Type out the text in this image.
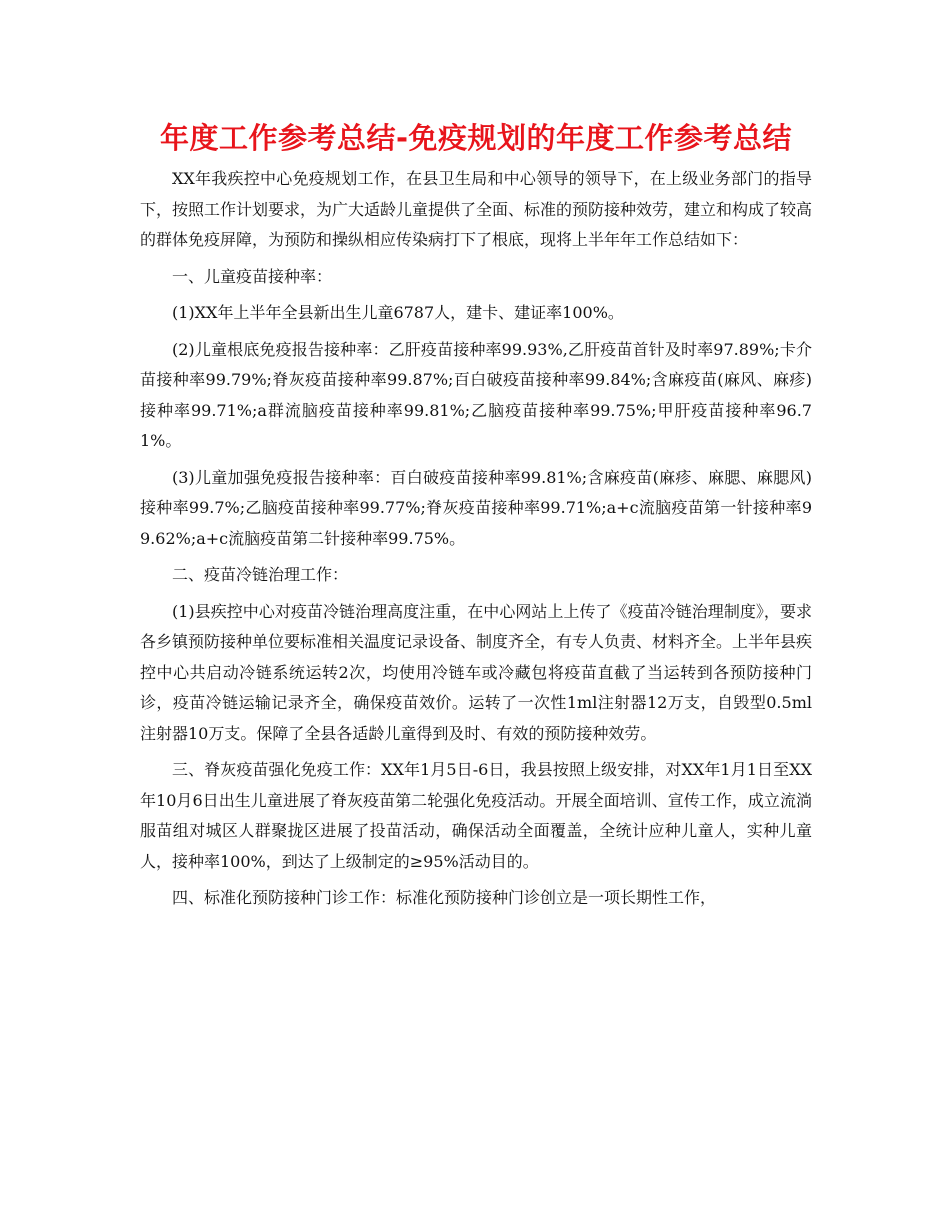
年度工作参考总结-免疫规划的年度工作参考总结

XX年我疾控中心免疫规划工作，在县卫生局和中心领导的领导下，在上级业务部门的指导下，按照工作计划要求，为广大适龄儿童提供了全面、标准的预防接种效劳，建立和构成了较高的群体免疫屏障，为预防和操纵相应传染病打下了根底，现将上半年年工作总结如下：

一、儿童疫苗接种率：

(1)XX年上半年全县新出生儿童6787人，建卡、建证率100%。

(2)儿童根底免疫报告接种率：乙肝疫苗接种率99.93%,乙肝疫苗首针及时率97.89%;卡介苗接种率99.79%;脊灰疫苗接种率99.87%;百白破疫苗接种率99.84%;含麻疫苗(麻风、麻疹)接种率99.71%;a群流脑疫苗接种率99.81%;乙脑疫苗接种率99.75%;甲肝疫苗接种率96.71%。

(3)儿童加强免疫报告接种率：百白破疫苗接种率99.81%;含麻疫苗(麻疹、麻腮、麻腮风)接种率99.7%;乙脑疫苗接种率99.77%;脊灰疫苗接种率99.71%;a+c流脑疫苗第一针接种率99.62%;a+c流脑疫苗第二针接种率99.75%。

二、疫苗冷链治理工作：

(1)县疾控中心对疫苗冷链治理高度注重，在中心网站上上传了《疫苗冷链治理制度》，要求各乡镇预防接种单位要标准相关温度记录设备、制度齐全，有专人负责、材料齐全。上半年县疾控中心共启动冷链系统运转2次，均使用冷链车或冷藏包将疫苗直截了当运转到各预防接种门诊，疫苗冷链运输记录齐全，确保疫苗效价。运转了一次性1ml注射器12万支，自毁型0.5ml注射器10万支。保障了全县各适龄儿童得到及时、有效的预防接种效劳。

三、脊灰疫苗强化免疫工作：XX年1月5日-6日，我县按照上级安排，对XX年1月1日至XX年10月6日出生儿童进展了脊灰疫苗第二轮强化免疫活动。开展全面培训、宣传工作，成立流淌服苗组对城区人群聚拢区进展了投苗活动，确保活动全面覆盖，全统计应种儿童人，实种儿童人，接种率100%，到达了上级制定的≥95%活动目的。

四、标准化预防接种门诊工作：标准化预防接种门诊创立是一项长期性工作，
